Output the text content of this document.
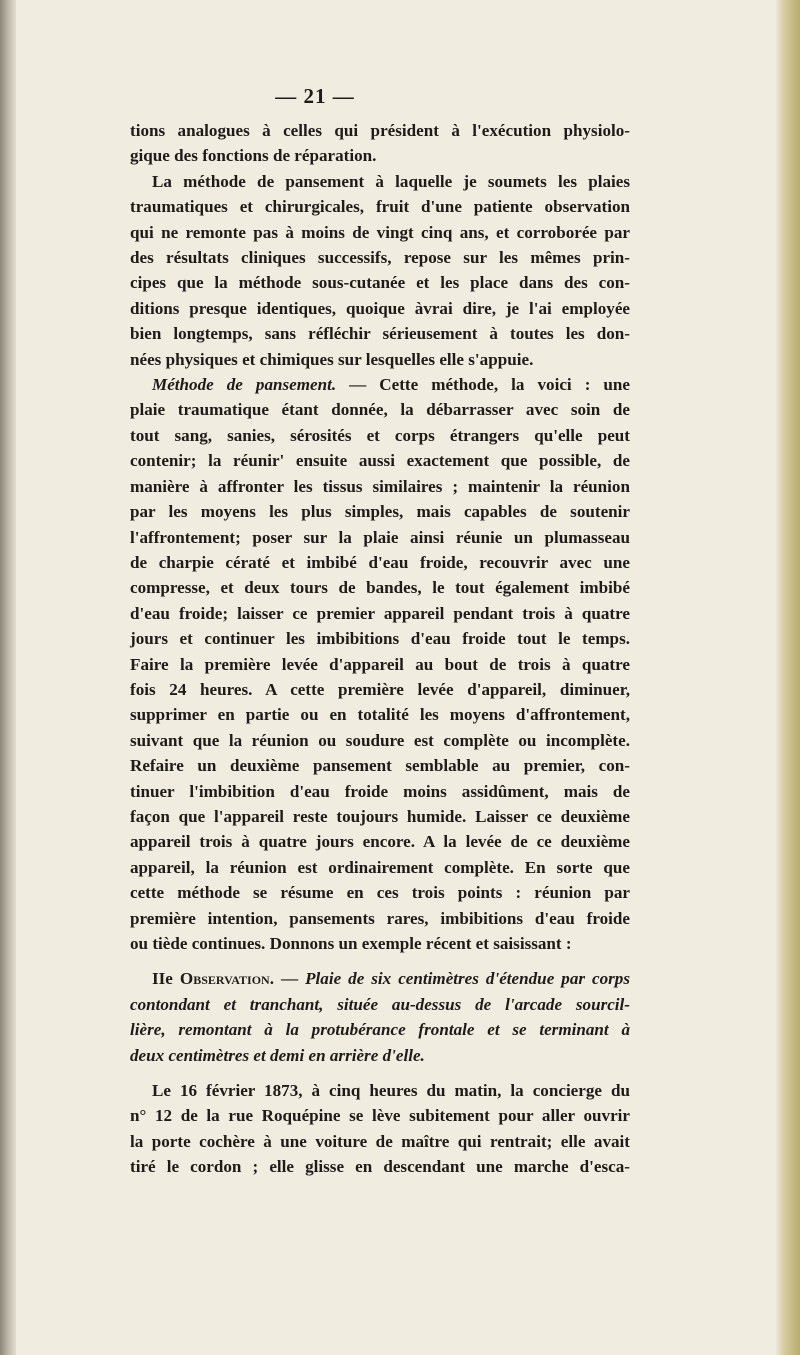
— 21 —
tions analogues à celles qui président à l'exécution physiolo-
gique des fonctions de réparation.
La méthode de pansement à laquelle je soumets les plaies
traumatiques et chirurgicales, fruit d'une patiente observation
qui ne remonte pas à moins de vingt cinq ans, et corroborée par
des résultats cliniques successifs, repose sur les mêmes prin-
cipes que la méthode sous-cutanée et les place dans des con-
ditions presque identiques, quoique àvrai dire, je l'ai employée
bien longtemps, sans réfléchir sérieusement à toutes les don-
nées physiques et chimiques sur lesquelles elle s'appuie.
Méthode de pansement. — Cette méthode, la voici : une
plaie traumatique étant donnée, la débarrasser avec soin de
tout sang, sanies, sérosités et corps étrangers qu'elle peut
contenir; la réunir' ensuite aussi exactement que possible, de
manière à affronter les tissus similaires ; maintenir la réunion
par les moyens les plus simples, mais capables de soutenir
l'affrontement; poser sur la plaie ainsi réunie un plumasseau
de charpie cératé et imbibé d'eau froide, recouvrir avec une
compresse, et deux tours de bandes, le tout également imbibé
d'eau froide; laisser ce premier appareil pendant trois à quatre
jours et continuer les imbibitions d'eau froide tout le temps.
Faire la première levée d'appareil au bout de trois à quatre
fois 24 heures. A cette première levée d'appareil, diminuer,
supprimer en partie ou en totalité les moyens d'affrontement,
suivant que la réunion ou soudure est complète ou incomplète.
Refaire un deuxième pansement semblable au premier, con-
tinuer l'imbibition d'eau froide moins assidûment, mais de
façon que l'appareil reste toujours humide. Laisser ce deuxième
appareil trois à quatre jours encore. A la levée de ce deuxième
appareil, la réunion est ordinairement complète. En sorte que
cette méthode se résume en ces trois points : réunion par
première intention, pansements rares, imbibitions d'eau froide
ou tiède continues. Donnons un exemple récent et saisissant :
IIe Observation. — Plaie de six centimètres d'étendue par corps
contondant et tranchant, située au-dessus de l'arcade sourcil-
lière, remontant à la protubérance frontale et se terminant à
deux centimètres et demi en arrière d'elle.
Le 16 février 1873, à cinq heures du matin, la concierge du
n° 12 de la rue Roquépine se lève subitement pour aller ouvrir
la porte cochère à une voiture de maître qui rentrait; elle avait
tiré le cordon ; elle glisse en descendant une marche d'esca-
